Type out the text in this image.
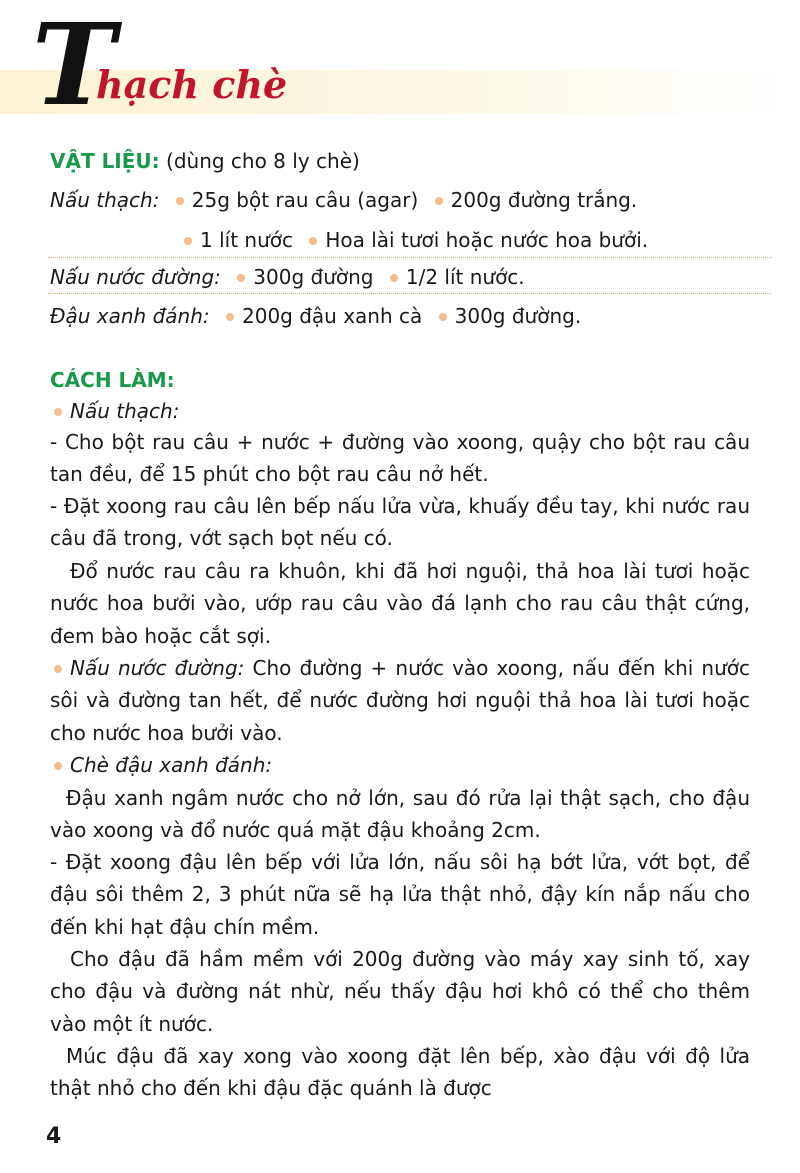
T
hạch chè
VẬT LIỆU: (dùng cho 8 ly chè)
Nấu thạch: 25g bột rau câu (agar) 200g đường trắng.
1 lít nước Hoa lài tươi hoặc nước hoa bưởi.
Nấu nước đường: 300g đường 1/2 lít nước.
Đậu xanh đánh: 200g đậu xanh cà 300g đường.
CÁCH LÀM:
Nấu thạch:
- Cho bột rau câu + nước + đường vào xoong, quậy cho bột rau câu tan đều, để 15 phút cho bột rau câu nở hết.
- Đặt xoong rau câu lên bếp nấu lửa vừa, khuấy đều tay, khi nước rau câu đã trong, vớt sạch bọt nếu có.
Đổ nước rau câu ra khuôn, khi đã hơi nguội, thả hoa lài tươi hoặc nước hoa bưởi vào, ướp rau câu vào đá lạnh cho rau câu thật cứng, đem bào hoặc cắt sợi.
Nấu nước đường: Cho đường + nước vào xoong, nấu đến khi nước sôi và đường tan hết, để nước đường hơi nguội thả hoa lài tươi hoặc cho nước hoa bưởi vào.
Chè đậu xanh đánh:
Đậu xanh ngâm nước cho nở lớn, sau đó rửa lại thật sạch, cho đậu vào xoong và đổ nước quá mặt đậu khoảng 2cm.
- Đặt xoong đậu lên bếp với lửa lớn, nấu sôi hạ bớt lửa, vớt bọt, để đậu sôi thêm 2, 3 phút nữa sẽ hạ lửa thật nhỏ, đậy kín nắp nấu cho đến khi hạt đậu chín mềm.
Cho đậu đã hầm mềm với 200g đường vào máy xay sinh tố, xay cho đậu và đường nát nhừ, nếu thấy đậu hơi khô có thể cho thêm vào một ít nước.
Múc đậu đã xay xong vào xoong đặt lên bếp, xào đậu với độ lửa thật nhỏ cho đến khi đậu đặc quánh là được
4
